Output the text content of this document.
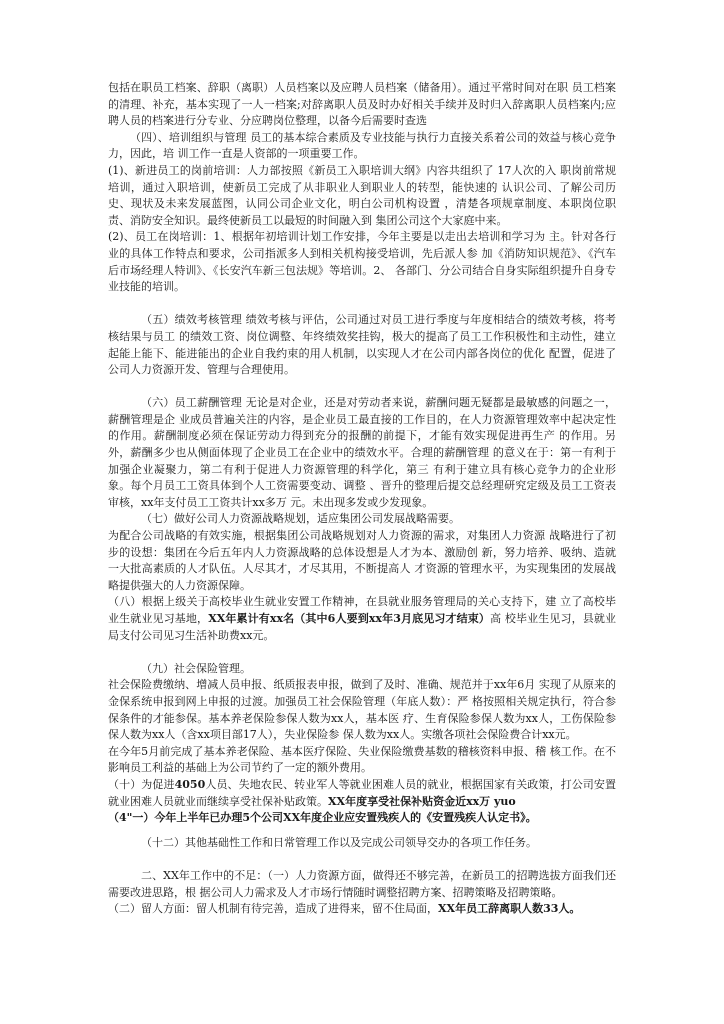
包括在职员工档案、辞职（离职）人员档案以及应聘人员档案（储备用）。通过平常时间对在职 员工档案的清理、补充，基本实现了一人一档案;对辞离职人员及时办好相关手续并及时归入辞离职人员档案内;应聘人员的档案进行分专业、分应聘岗位整理，以备今后需要时查选

（四）、培训组织与管理 员工的基本综合素质及专业技能与执行力直接关系着公司的效益与核心竞争力，因此，培 训工作一直是人资部的一项重要工作。

(1)、新进员工的岗前培训：人力部按照《新员工入职培训大纲》内容共组织了 17人次的入 职岗前常规培训，通过入职培训，使新员工完成了从非职业人到职业人的转型，能快速的 认识公司、了解公司历史、现状及未来发展蓝图，认同公司企业文化，明白公司机构设置 ，清楚各项规章制度、本职岗位职责、消防安全知识。最终使新员工以最短的时间融入到 集团公司这个大家庭中来。

(2)、员工在岗培训：1、根据年初培训计划工作安排，今年主要是以走出去培训和学习为 主。针对各行业的具体工作特点和要求，公司指派多人到相关机构接受培训，先后派人参 加《消防知识规范》、《汽车后市场经理人特训》、《长安汽车新三包法规》等培训。2、 各部门、分公司结合自身实际组织提升自身专业技能的培训。

（五）绩效考核管理 绩效考核与评估，公司通过对员工进行季度与年度相结合的绩效考核，将考核结果与员工 的绩效工资、岗位调整、年终绩效奖挂钩，极大的提高了员工工作积极性和主动性，建立 起能上能下、能进能出的企业自我约束的用人机制，以实现人才在公司内部各岗位的优化 配置，促进了公司人力资源开发、管理与合理使用。

（六）员工薪酬管理 无论是对企业，还是对劳动者来说，薪酬问题无疑都是最敏感的问题之一，薪酬管理是企 业成员普遍关注的内容，是企业员工最直接的工作目的，在人力资源管理效率中起决定性 的作用。薪酬制度必须在保证劳动力得到充分的报酬的前提下，才能有效实现促进再生产 的作用。另外，薪酬多少也从侧面体现了企业员工在企业中的绩效水平。合理的薪酬管理 的意义在于：第一有利于加强企业凝聚力，第二有利于促进人力资源管理的科学化，第三 有利于建立具有核心竞争力的企业形象。每个月员工工资具体到个人工资需要变动、调整 、晋升的整理后提交总经理研究定级及员工工资表审核，xx年支付员工工资共计xx多万 元。未出现多发或少发现象。

（七）做好公司人力资源战略规划，适应集团公司发展战略需要。

为配合公司战略的有效实施，根据集团公司战略规划对人力资源的需求，对集团人力资源 战略进行了初步的设想：集团在今后五年内人力资源战略的总体设想是人才为本、激励创 新，努力培养、吸纳、造就一大批高素质的人才队伍。人尽其才，才尽其用，不断提高人 才资源的管理水平，为实现集团的发展战略提供强大的人力资源保障。

（八）根据上级关于高校毕业生就业安置工作精神，在县就业服务管理局的关心支持下，建 立了高校毕业生就业见习基地，XX年累计有xx名（其中6人要到xx年3月底见习才结束）高 校毕业生见习，县就业局支付公司见习生活补助费xx元。

（九）社会保险管理。

社会保险费缴纳、增减人员申报、纸质报表申报，做到了及时、准确、规范并于xx年6月 实现了从原来的金保系统申报到网上申报的过渡。加强员工社会保险管理（年底人数）：严 格按照相关规定执行，符合参保条件的才能参保。基本养老保险参保人数为xx人，基本医 疗、生育保险参保人数为xx人，工伤保险参保人数为xx人（含xx项目部17人），失业保险参 保人数为xx人。实缴各项社会保险费合计xx元。

在今年5月前完成了基本养老保险、基本医疗保险、失业保险缴费基数的稽核资料申报、稽 核工作。在不影响员工利益的基础上为公司节约了一定的额外费用。

（十）为促进4050人员、失地农民、转业军人等就业困难人员的就业，根据国家有关政策，打公司安置就业困难人员就业而继续享受社保补贴政策。XX年度享受社保补贴资金近xx万 yuo

（4"一）今年上半年已办理5个公司XX年度企业应安置残疾人的《安置残疾人认定书》。

（十二）其他基础性工作和日常管理工作以及完成公司领导交办的各项工作任务。

二、XX年工作中的不足：（一）人力资源方面，做得还不够完善，在新员工的招聘选拔方面我们还需要改进思路，根 据公司人力需求及人才市场行情随时调整招聘方案、招聘策略及招聘策略。

（二）留人方面：留人机制有待完善，造成了进得来，留不住局面，XX年员工辞离职人数33人。
